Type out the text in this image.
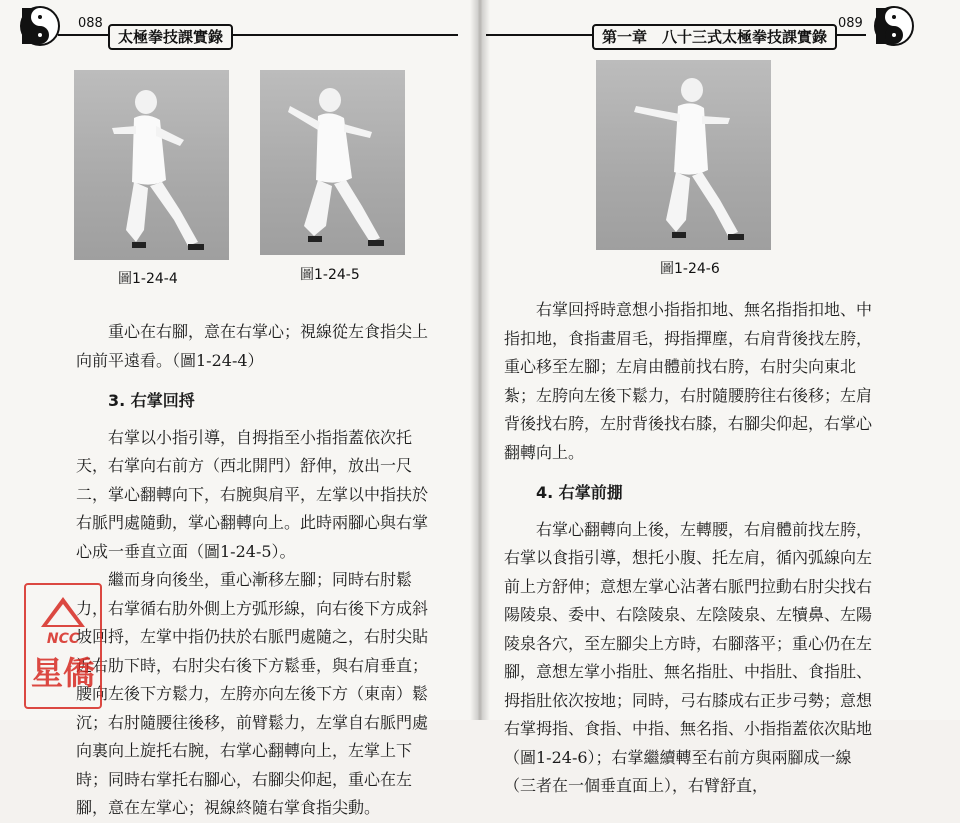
088
太極拳技課實錄
圖1-24-4	圖1-24-5

重心在右腳，意在右掌心；視線從左食指尖上向前平遠看。（圖1-24-4）

3. 右掌回捋

右掌以小指引導，自拇指至小指指蓋依次托天，右掌向右前方（西北開門）舒伸，放出一尺二，掌心翻轉向下，右腕與肩平，左掌以中指扶於右脈門處隨動，掌心翻轉向上。此時兩腳心與右掌心成一垂直立面（圖1-24-5）。

繼而身向後坐，重心漸移左腳；同時右肘鬆力，右掌循右肋外側上方弧形線，向右後下方成斜坡回捋，左掌中指仍扶於右脈門處隨之，右肘尖貼近右肋下時，右肘尖右後下方鬆垂，與右肩垂直；腰向左後下方鬆力，左胯亦向左後下方（東南）鬆沉；右肘隨腰往後移，前臂鬆力，左掌自右脈門處向裏向上旋托右腕，右掌心翻轉向上，左掌上下時；同時右掌托右腳心，右腳尖仰起，重心在左腳，意在左掌心；視線終隨右掌食指尖動。

NCC
星僑
第一章　八十三式太極拳技課實錄
089
圖1-24-6

右掌回捋時意想小指指扣地、無名指指扣地、中指扣地，食指畫眉毛，拇指撣塵，右肩背後找左胯，重心移至左腳；左肩由體前找右胯，右肘尖向東北紮；左胯向左後下鬆力，右肘隨腰胯往右後移；左肩背後找右胯，左肘背後找右膝，右腳尖仰起，右掌心翻轉向上。

4. 右掌前掤

右掌心翻轉向上後，左轉腰，右肩體前找左胯，右掌以食指引導，想托小腹、托左肩，循內弧線向左前上方舒伸；意想左掌心沾著右脈門拉動右肘尖找右陽陵泉、委中、右陰陵泉、左陰陵泉、左犢鼻、左陽陵泉各穴，至左腳尖上方時，右腳落平；重心仍在左腳，意想左掌小指肚、無名指肚、中指肚、食指肚、拇指肚依次按地；同時，弓右膝成右正步弓勢；意想右掌拇指、食指、中指、無名指、小指指蓋依次貼地（圖1-24-6）；右掌繼續轉至右前方與兩腳成一線（三者在一個垂直面上），右臂舒直，
